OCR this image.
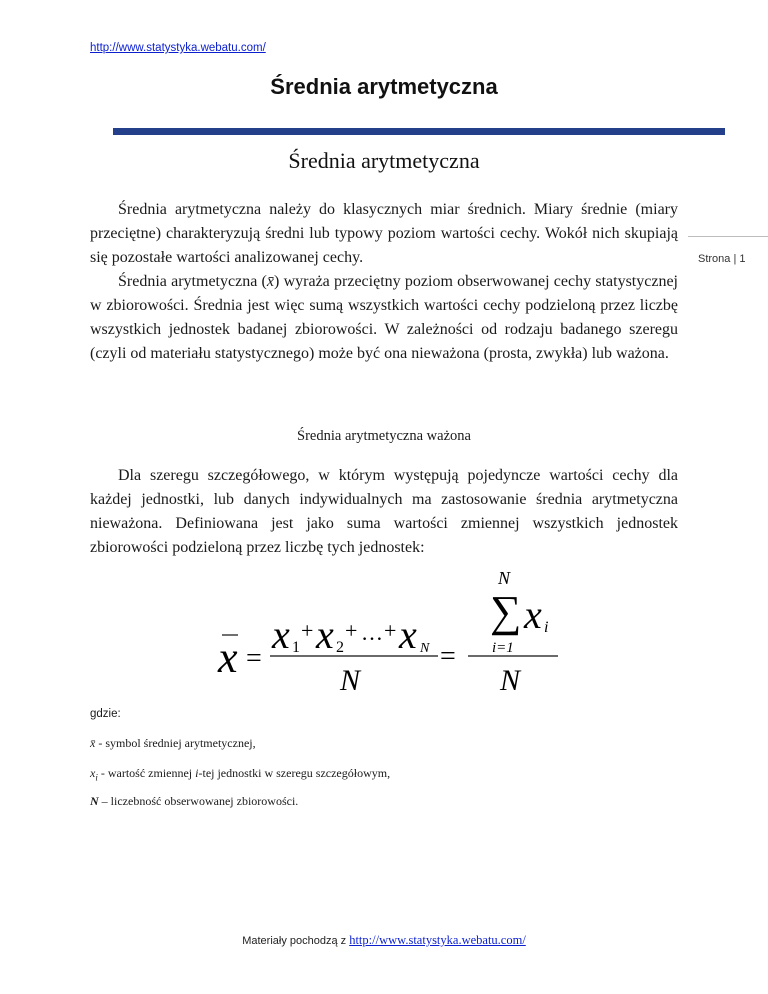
http://www.statystyka.webatu.com/
Średnia arytmetyczna
Strona | 1
Średnia arytmetyczna
Średnia arytmetyczna należy do klasycznych miar średnich. Miary średnie (miary przeciętne) charakteryzują średni lub typowy poziom wartości cechy. Wokół nich skupiają się pozostałe wartości analizowanej cechy.
Średnia arytmetyczna (x̄) wyraża przeciętny poziom obserwowanej cechy statystycznej w zbiorowości. Średnia jest więc sumą wszystkich wartości cechy podzieloną przez liczbę wszystkich jednostek badanej zbiorowości. W zależności od rodzaju badanego szeregu (czyli od materiału statystycznego) może być ona nieważona (prosta, zwykła) lub ważona.
Średnia arytmetyczna ważona
Dla szeregu szczegółowego, w którym występują pojedyncze wartości cechy dla każdej jednostki, lub danych indywidualnych ma zastosowanie średnia arytmetyczna nieważona. Definiowana jest jako suma wartości zmiennej wszystkich jednostek zbiorowości podzieloną przez liczbę tych jednostek:
x =
x 1
+ x 2
+ … + x N
N
=
N
∑ x i
i=1
N
gdzie:
x̄ - symbol średniej arytmetycznej,
$x_i$ - wartość zmiennej i-tej jednostki w szeregu szczegółowym,
N – liczebność obserwowanej zbiorowości.
Materiały pochodzą z http://www.statystyka.webatu.com/
